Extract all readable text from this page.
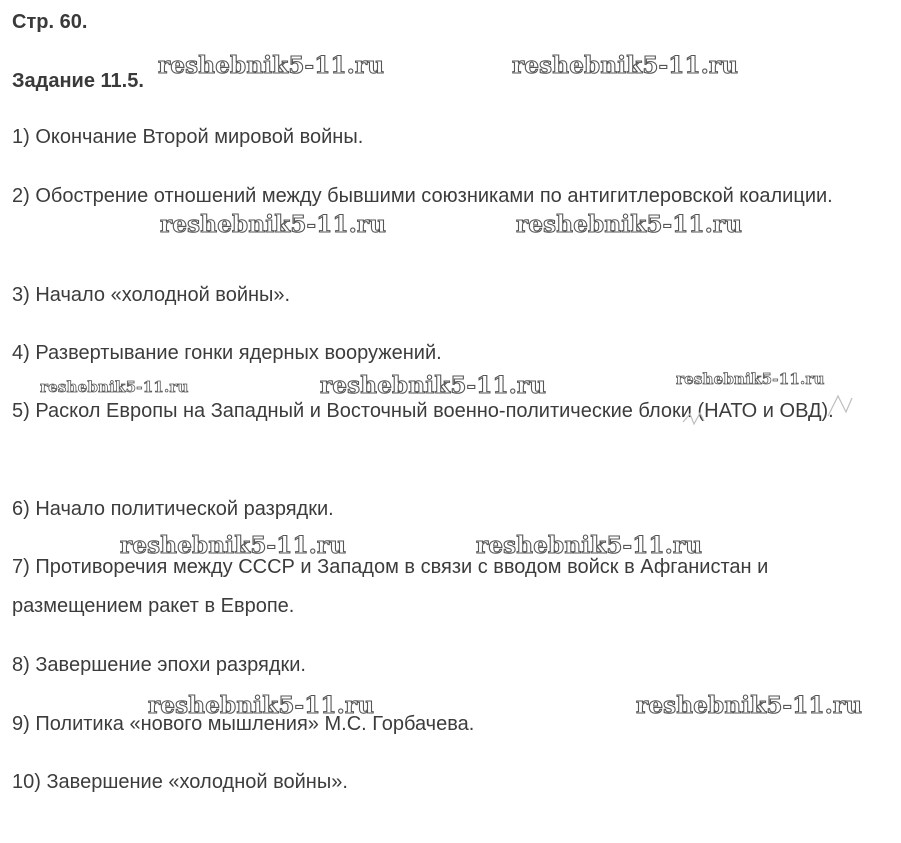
Стр. 60.
Задание 11.5.

1) Окончание Второй мировой войны.

2) Обострение отношений между бывшими союзниками по антигитлеровской коалиции.

3) Начало «холодной войны».

4) Развертывание гонки ядерных вооружений.

5) Раскол Европы на Западный и Восточный военно-политические блоки (НАТО и ОВД).

6) Начало политической разрядки.

7) Противоречия между СССР и Западом в связи с вводом войск в Афганистан и размещением ракет в Европе.

8) Завершение эпохи разрядки.

9) Политика «нового мышления» М.С. Горбачева.

10) Завершение «холодной войны».

reshebnik5-11.ru	reshebnik5-11.ru
reshebnik5-11.ru	reshebnik5-11.ru
reshebnik5-11.ru	reshebnik5-11.ru	reshebnik5-11.ru
reshebnik5-11.ru	reshebnik5-11.ru
reshebnik5-11.ru	reshebnik5-11.ru
